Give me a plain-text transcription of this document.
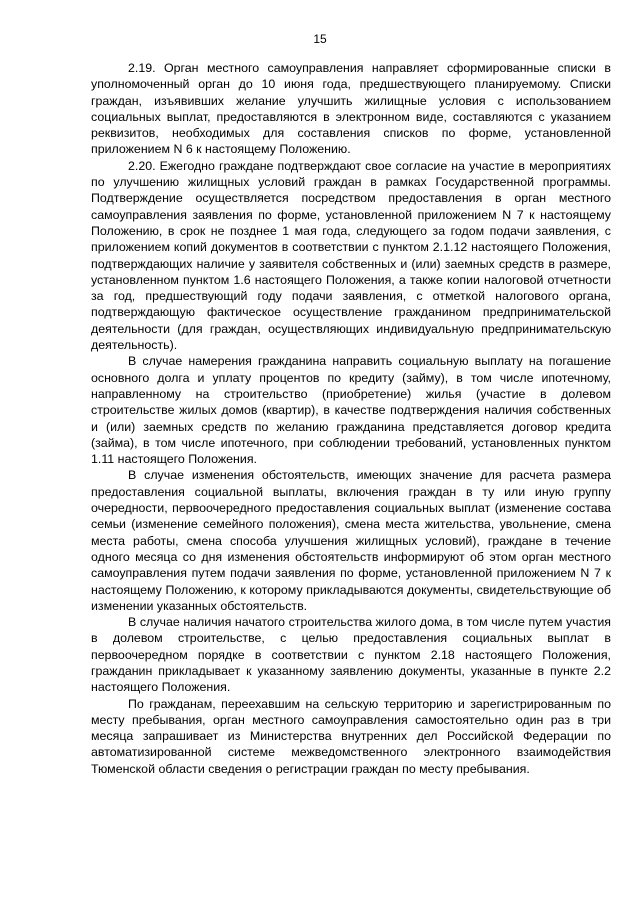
15

2.19. Орган местного самоуправления направляет сформированные списки в уполномоченный орган до 10 июня года, предшествующего планируемому. Списки граждан, изъявивших желание улучшить жилищные условия с использованием социальных выплат, предоставляются в электронном виде, составляются с указанием реквизитов, необходимых для составления списков по форме, установленной приложением N 6 к настоящему Положению.

2.20. Ежегодно граждане подтверждают свое согласие на участие в мероприятиях по улучшению жилищных условий граждан в рамках Государственной программы. Подтверждение осуществляется посредством предоставления в орган местного самоуправления заявления по форме, установленной приложением N 7 к настоящему Положению, в срок не позднее 1 мая года, следующего за годом подачи заявления, с приложением копий документов в соответствии с пунктом 2.1.12 настоящего Положения, подтверждающих наличие у заявителя собственных и (или) заемных средств в размере, установленном пунктом 1.6 настоящего Положения, а также копии налоговой отчетности за год, предшествующий году подачи заявления, с отметкой налогового органа, подтверждающую фактическое осуществление гражданином предпринимательской деятельности (для граждан, осуществляющих индивидуальную предпринимательскую деятельность).

В случае намерения гражданина направить социальную выплату на погашение основного долга и уплату процентов по кредиту (займу), в том числе ипотечному, направленному на строительство (приобретение) жилья (участие в долевом строительстве жилых домов (квартир), в качестве подтверждения наличия собственных и (или) заемных средств по желанию гражданина представляется договор кредита (займа), в том числе ипотечного, при соблюдении требований, установленных пунктом 1.11 настоящего Положения.

В случае изменения обстоятельств, имеющих значение для расчета размера предоставления социальной выплаты, включения граждан в ту или иную группу очередности, первоочередного предоставления социальных выплат (изменение состава семьи (изменение семейного положения), смена места жительства, увольнение, смена места работы, смена способа улучшения жилищных условий), граждане в течение одного месяца со дня изменения обстоятельств информируют об этом орган местного самоуправления путем подачи заявления по форме, установленной приложением N 7 к настоящему Положению, к которому прикладываются документы, свидетельствующие об изменении указанных обстоятельств.

В случае наличия начатого строительства жилого дома, в том числе путем участия в долевом строительстве, с целью предоставления социальных выплат в первоочередном порядке в соответствии с пунктом 2.18 настоящего Положения, гражданин прикладывает к указанному заявлению документы, указанные в пункте 2.2 настоящего Положения.

По гражданам, переехавшим на сельскую территорию и зарегистрированным по месту пребывания, орган местного самоуправления самостоятельно один раз в три месяца запрашивает из Министерства внутренних дел Российской Федерации по автоматизированной системе межведомственного электронного взаимодействия Тюменской области сведения о регистрации граждан по месту пребывания.
